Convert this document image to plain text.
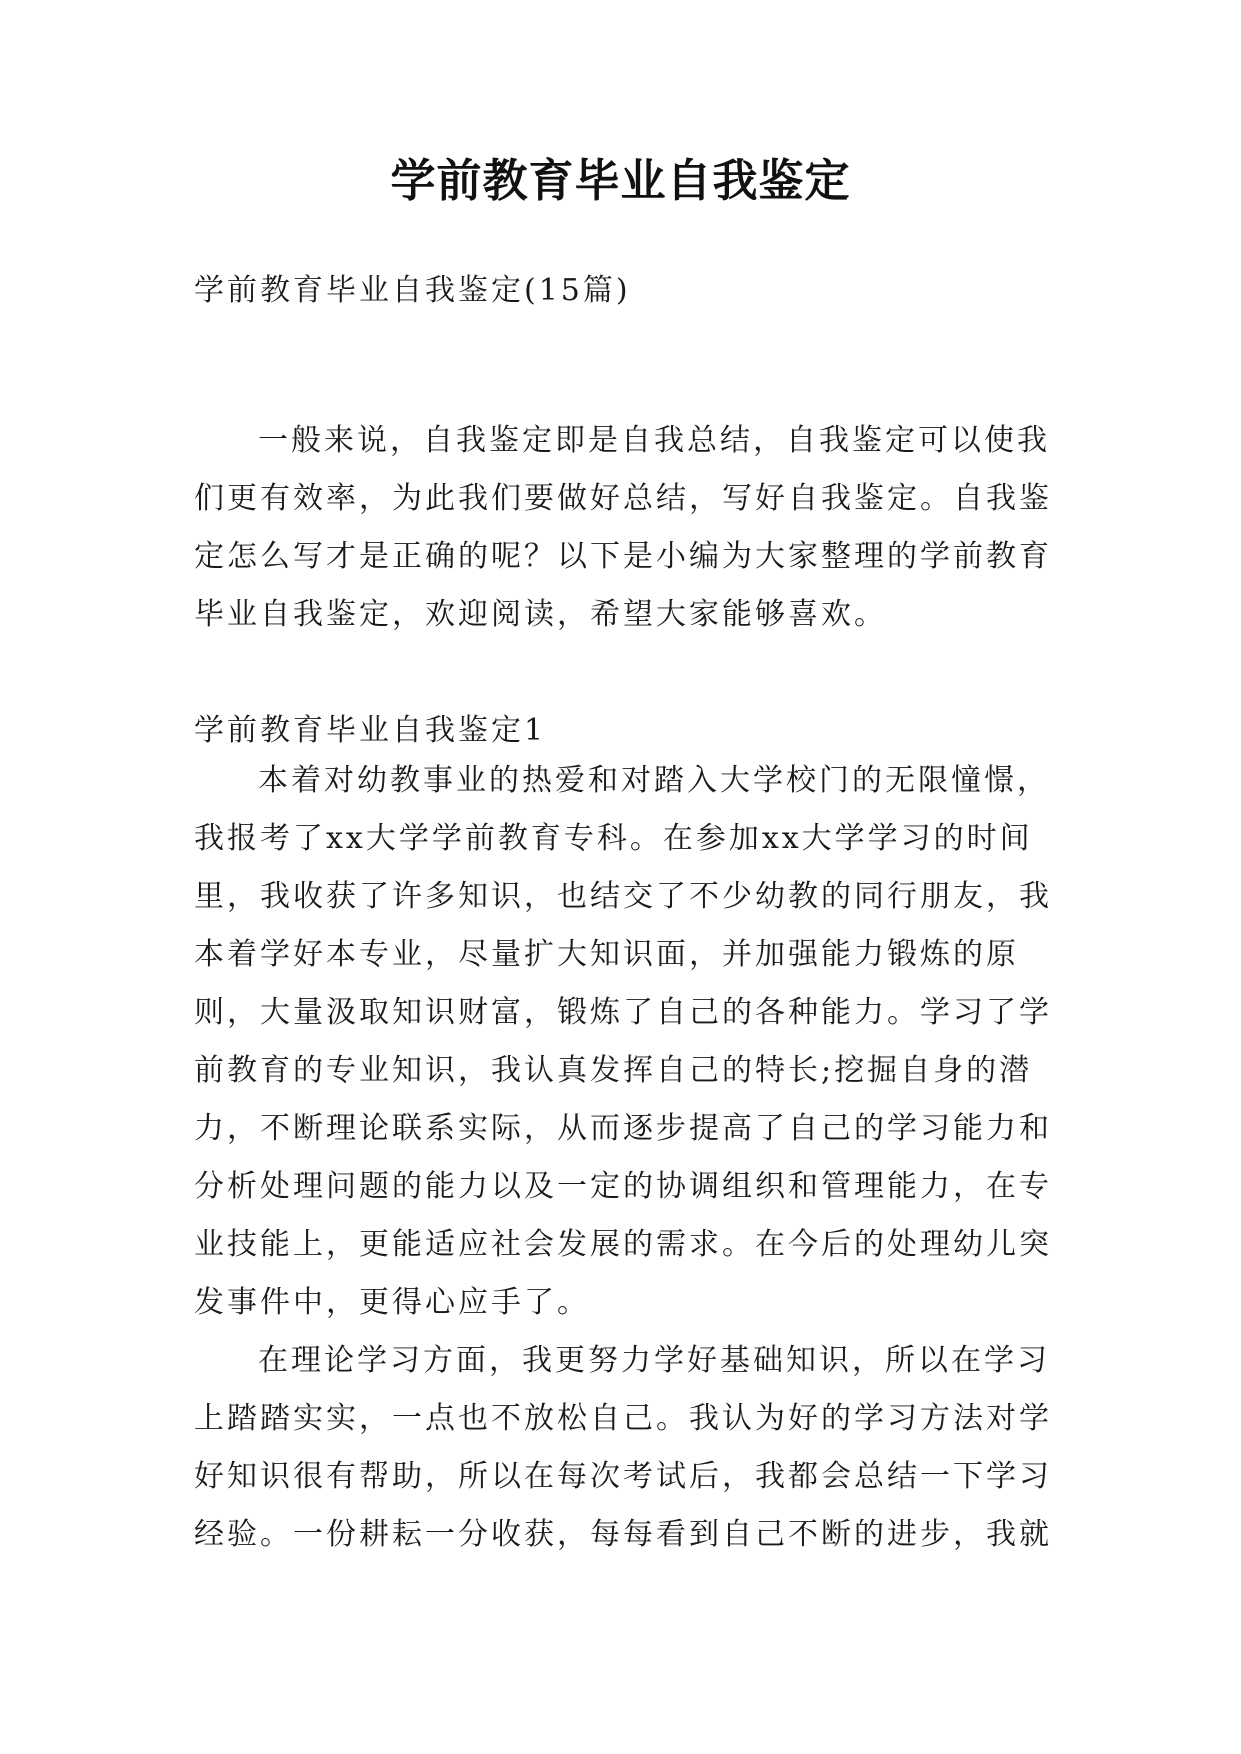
学前教育毕业自我鉴定
学前教育毕业自我鉴定(15篇)
一般来说，自我鉴定即是自我总结，自我鉴定可以使我们更有效率，为此我们要做好总结，写好自我鉴定。自我鉴定怎么写才是正确的呢？以下是小编为大家整理的学前教育毕业自我鉴定，欢迎阅读，希望大家能够喜欢。
学前教育毕业自我鉴定1
本着对幼教事业的热爱和对踏入大学校门的无限憧憬，我报考了xx大学学前教育专科。在参加xx大学学习的时间里，我收获了许多知识，也结交了不少幼教的同行朋友，我本着学好本专业，尽量扩大知识面，并加强能力锻炼的原则，大量汲取知识财富，锻炼了自己的各种能力。学习了学前教育的专业知识，我认真发挥自己的特长;挖掘自身的潜力，不断理论联系实际，从而逐步提高了自己的学习能力和分析处理问题的能力以及一定的协调组织和管理能力，在专业技能上，更能适应社会发展的需求。在今后的处理幼儿突发事件中，更得心应手了。
在理论学习方面，我更努力学好基础知识，所以在学习上踏踏实实，一点也不放松自己。我认为好的学习方法对学好知识很有帮助，所以在每次考试后，我都会总结一下学习经验。一份耕耘一分收获，每每看到自己不断的进步，我就
